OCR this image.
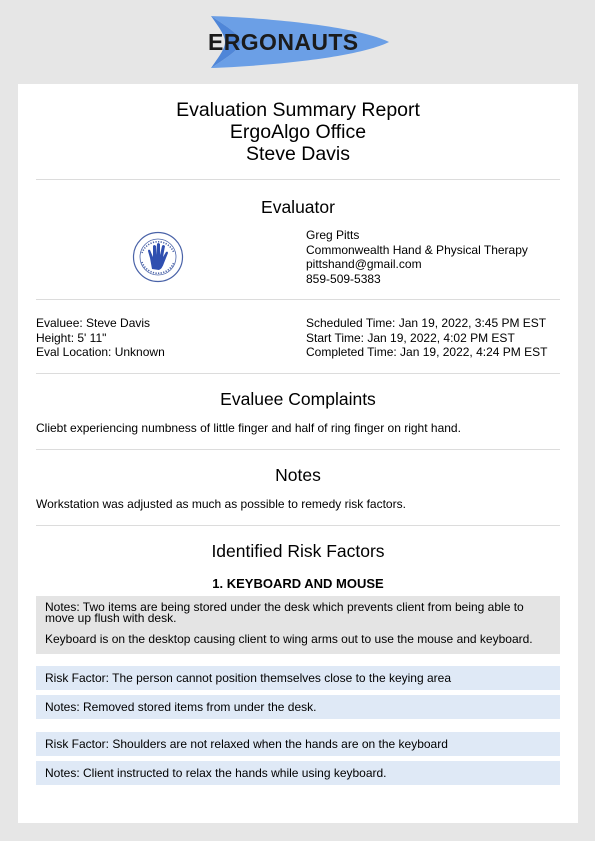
ERGONAUTS
Evaluation Summary Report
ErgoAlgo Office
Steve Davis
Evaluator
Greg Pitts
Commonwealth Hand & Physical Therapy
pittshand@gmail.com
859-509-5383
Evaluee: Steve Davis
Height: 5' 11"
Eval Location: Unknown
Scheduled Time: Jan 19, 2022, 3:45 PM EST
Start Time: Jan 19, 2022, 4:02 PM EST
Completed Time: Jan 19, 2022, 4:24 PM EST
Evaluee Complaints
Cliebt experiencing numbness of little finger and half of ring finger on right hand.
Notes
Workstation was adjusted as much as possible to remedy risk factors.
Identified Risk Factors
1. KEYBOARD AND MOUSE

Notes: Two items are being stored under the desk which prevents client from being able to

move up flush with desk.

Keyboard is on the desktop causing client to wing arms out to use the mouse and keyboard.

Risk Factor: The person cannot position themselves close to the keying area

Notes: Removed stored items from under the desk.

Risk Factor: Shoulders are not relaxed when the hands are on the keyboard

Notes: Client instructed to relax the hands while using keyboard.
